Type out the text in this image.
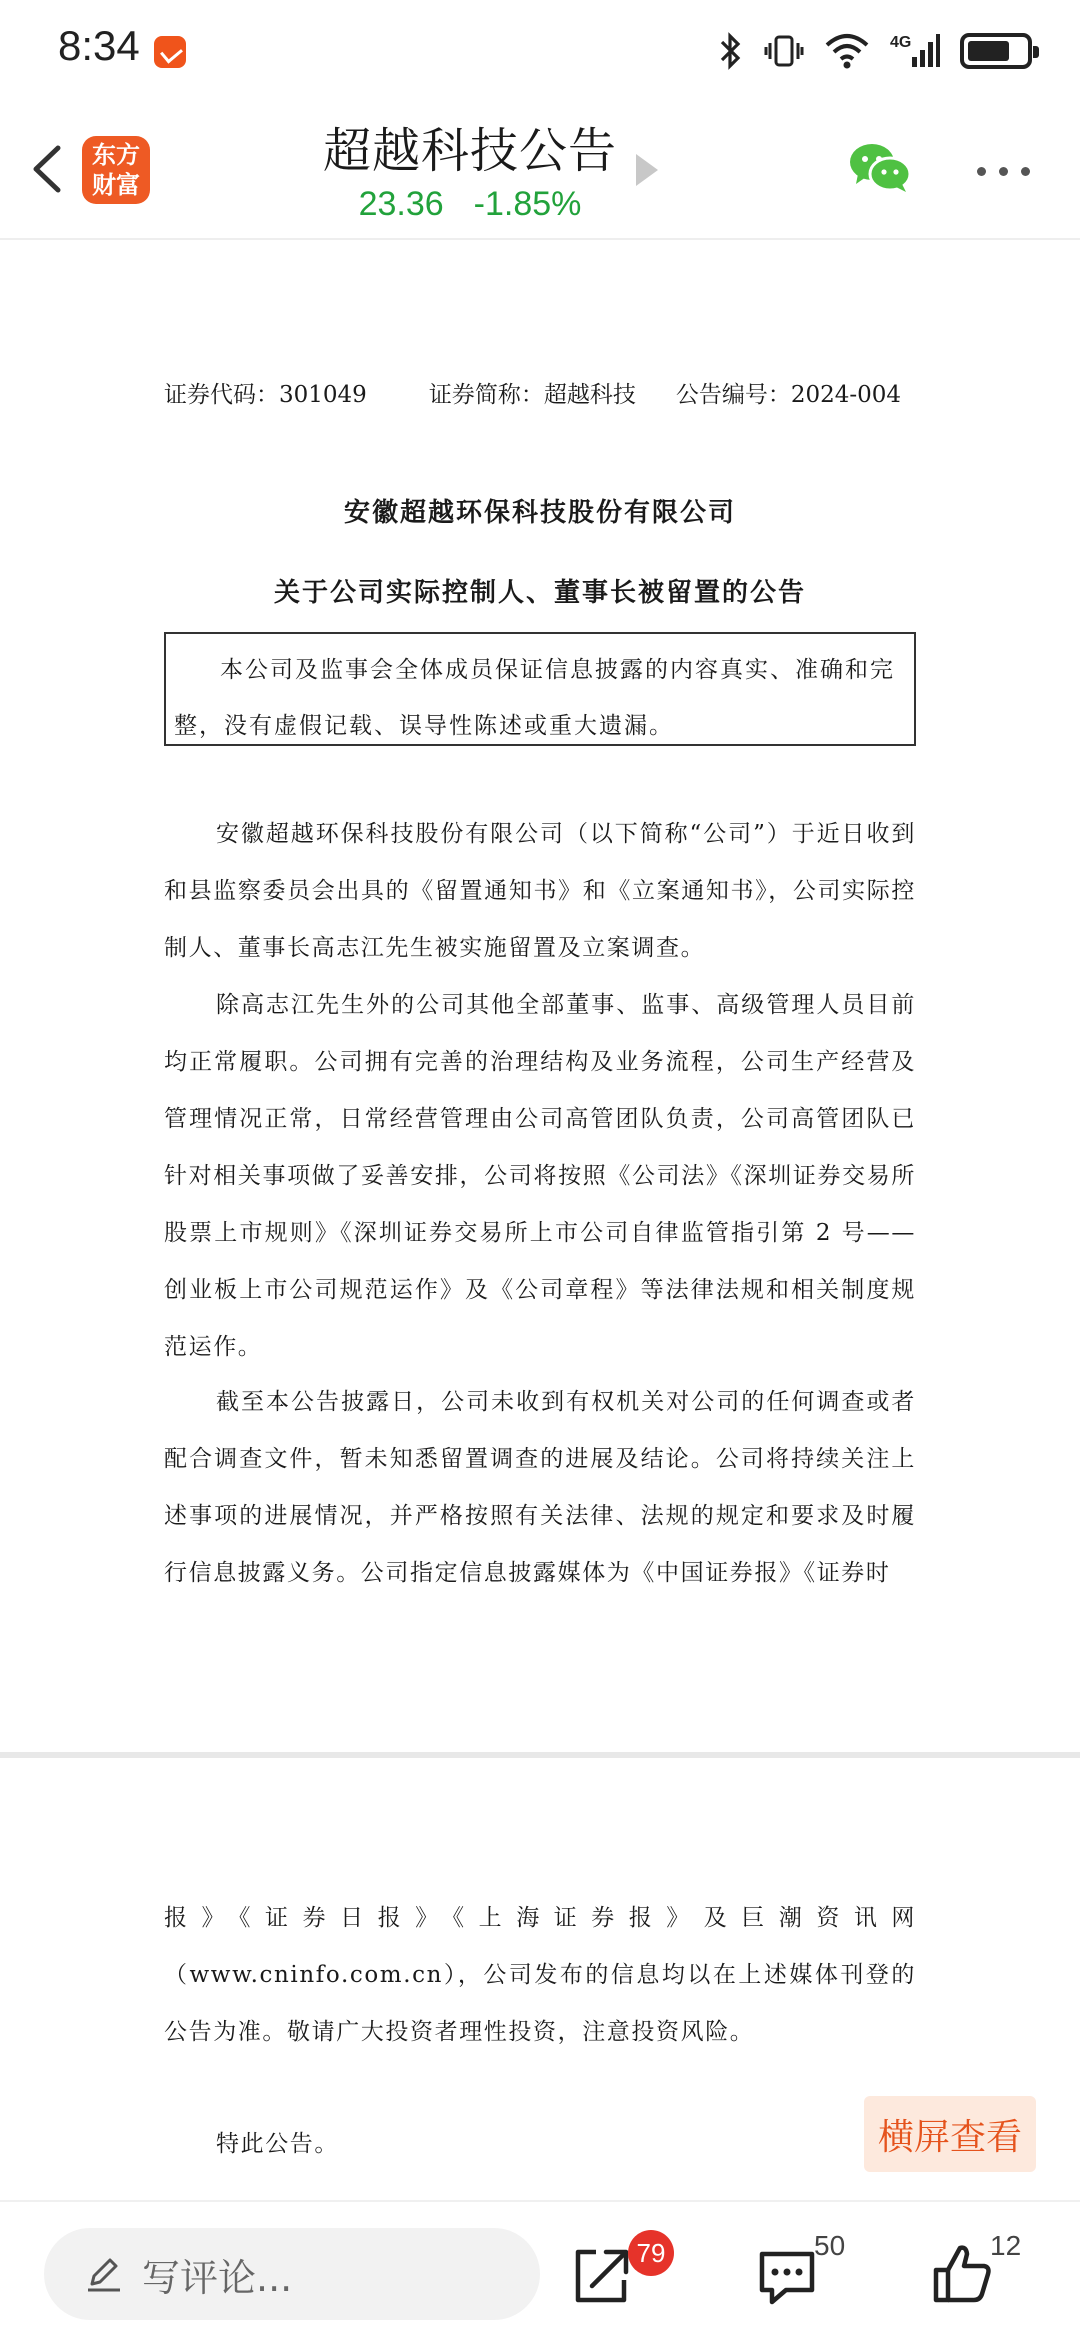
8:34	4G
东方
财富
超越科技公告
23.36 -1.85%
证券代码：301049	证券简称：超越科技 公告编号：2024-004
安徽超越环保科技股份有限公司
关于公司实际控制人、董事长被留置的公告
本公司及监事会全体成员保证信息披露的内容真实、准确和完整，没有虚假记载、误导性陈述或重大遗漏。
安徽超越环保科技股份有限公司（以下简称“公司”）于近日收到和县监察委员会出具的《留置通知书》和《立案通知书》，公司实际控制人、董事长高志江先生被实施留置及立案调查。
除高志江先生外的公司其他全部董事、监事、高级管理人员目前均正常履职。公司拥有完善的治理结构及业务流程，公司生产经营及管理情况正常，日常经营管理由公司高管团队负责，公司高管团队已针对相关事项做了妥善安排，公司将按照《公司法》《深圳证券交易所股票上市规则》《深圳证券交易所上市公司自律监管指引第 2 号——创业板上市公司规范运作》及《公司章程》等法律法规和相关制度规范运作。
截至本公告披露日，公司未收到有权机关对公司的任何调查或者配合调查文件，暂未知悉留置调查的进展及结论。公司将持续关注上述事项的进展情况，并严格按照有关法律、法规的规定和要求及时履行信息披露义务。公司指定信息披露媒体为《中国证券报》《证券时
报》《证券日报》《上海证券报》及巨潮资讯网（www.cninfo.com.cn），公司发布的信息均以在上述媒体刊登的公告为准。敬请广大投资者理性投资，注意投资风险。
特此公告。	横屏查看
写评论...
79	50	12
